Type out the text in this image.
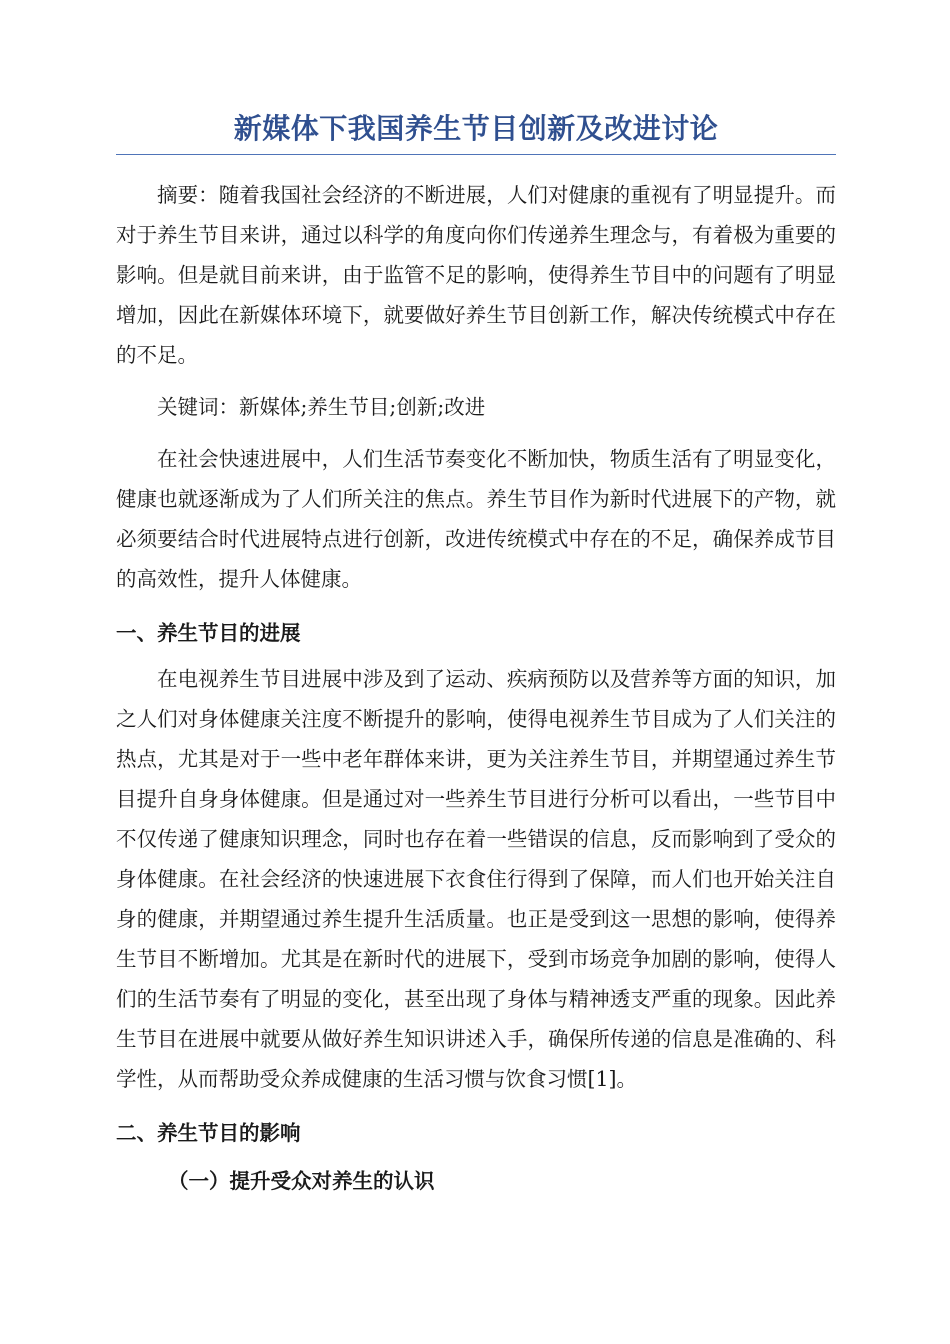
新媒体下我国养生节目创新及改进讨论

摘要：随着我国社会经济的不断进展，人们对健康的重视有了明显提升。而对于养生节目来讲，通过以科学的角度向你们传递养生理念与，有着极为重要的影响。但是就目前来讲，由于监管不足的影响，使得养生节目中的问题有了明显增加，因此在新媒体环境下，就要做好养生节目创新工作，解决传统模式中存在的不足。

关键词：新媒体;养生节目;创新;改进

在社会快速进展中，人们生活节奏变化不断加快，物质生活有了明显变化，健康也就逐渐成为了人们所关注的焦点。养生节目作为新时代进展下的产物，就必须要结合时代进展特点进行创新，改进传统模式中存在的不足，确保养成节目的高效性，提升人体健康。

一、养生节目的进展

在电视养生节目进展中涉及到了运动、疾病预防以及营养等方面的知识，加之人们对身体健康关注度不断提升的影响，使得电视养生节目成为了人们关注的热点，尤其是对于一些中老年群体来讲，更为关注养生节目，并期望通过养生节目提升自身身体健康。但是通过对一些养生节目进行分析可以看出，一些节目中不仅传递了健康知识理念，同时也存在着一些错误的信息，反而影响到了受众的身体健康。在社会经济的快速进展下衣食住行得到了保障，而人们也开始关注自身的健康，并期望通过养生提升生活质量。也正是受到这一思想的影响，使得养生节目不断增加。尤其是在新时代的进展下，受到市场竞争加剧的影响，使得人们的生活节奏有了明显的变化，甚至出现了身体与精神透支严重的现象。因此养生节目在进展中就要从做好养生知识讲述入手，确保所传递的信息是准确的、科学性，从而帮助受众养成健康的生活习惯与饮食习惯[1]。

二、养生节目的影响
（一）提升受众对养生的认识
